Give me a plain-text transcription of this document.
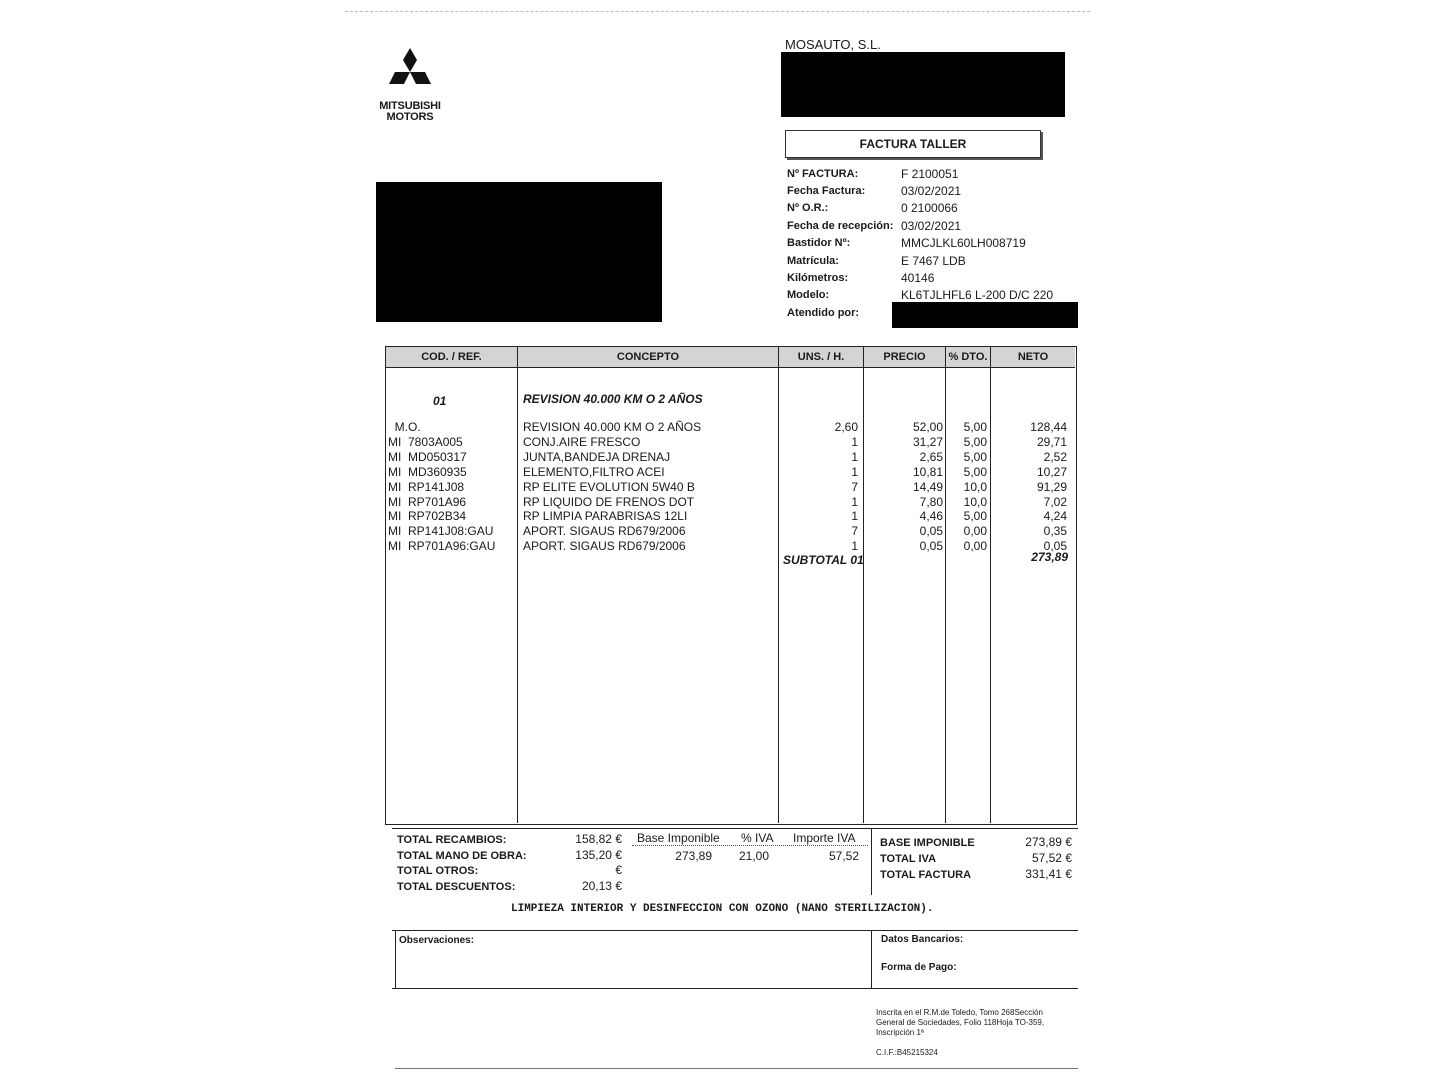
MITSUBISHI
MOTORS
MOSAUTO, S.L.
FACTURA TALLER
Nº FACTURA:	F 2100051
Fecha Factura:	03/02/2021
Nº O.R.:	0 2100066
Fecha de recepción: 03/02/2021
Bastidor Nº:	MMCJLKL60LH008719
Matrícula:	E 7467 LDB
Kilómetros:	40146
Modelo:	KL6TJLHFL6 L-200 D/C 220
Atendido por:
COD. / REF.	CONCEPTO	UNS. / H.	PRECIO	% DTO.	NETO
01	REVISION 40.000 KM O 2 AÑOS
M.O.	REVISION 40.000 KM O 2 AÑOS	2,60	52,00	5,00	128,44
MI  7803A005	CONJ.AIRE FRESCO	1	31,27	5,00	29,71
MI  MD050317	JUNTA,BANDEJA DRENAJ	1	2,65	5,00	2,52
MI  MD360935	ELEMENTO,FILTRO ACEI	1	10,81	5,00	10,27
MI  RP141J08	RP ELITE EVOLUTION 5W40 B	7	14,49	10,0	91,29
MI  RP701A96	RP LIQUIDO DE FRENOS DOT	1	7,80	10,0	7,02
MI  RP702B34	RP LIMPIA PARABRISAS 12LI	1	4,46	5,00	4,24
MI  RP141J08:GAU	APORT. SIGAUS RD679/2006	7	0,05	0,00	0,35
MI  RP701A96:GAU	APORT. SIGAUS RD679/2006	1	0,05	0,00	0,05
SUBTOTAL 01	273,89
TOTAL RECAMBIOS:	158,82 €
TOTAL MANO DE OBRA:	135,20 €
TOTAL OTROS:	€
TOTAL DESCUENTOS:	20,13 €
Base Imponible % IVA Importe IVA
273,89 21,00	57,52
BASE IMPONIBLE	273,89 €
TOTAL IVA	57,52 €
TOTAL FACTURA	331,41 €
LIMPIEZA INTERIOR Y DESINFECCION CON OZONO (NANO STERILIZACION).
Observaciones:	Datos Bancarios:
Forma de Pago:
Inscrita en el R.M.de Toledo, Tomo 268Sección
General de Sociedades, Folio 118Hoja TO-359,
Inscripción 1ª
C.I.F.:B45215324
